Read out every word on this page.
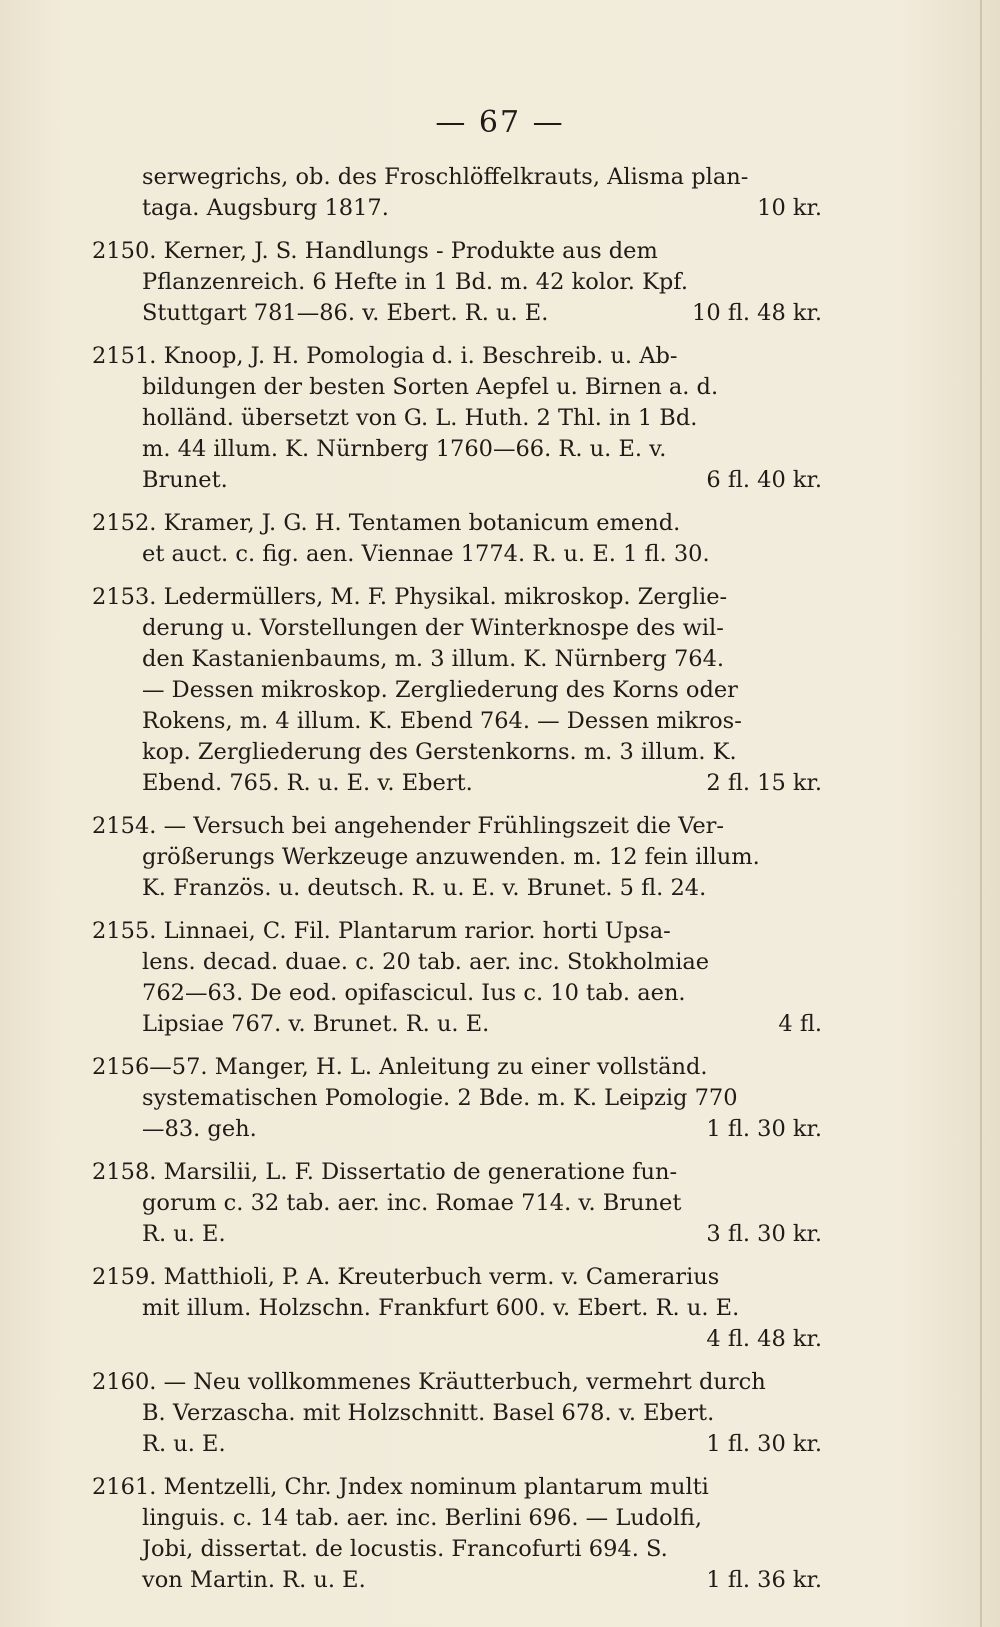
— 67 —
serwegrichs, ob. des Froschlöffelkrauts, Alisma plan-
taga. Augsburg 1817.	10 kr.
2150. Kerner, J. S. Handlungs - Produkte aus dem
Pflanzenreich. 6 Hefte in 1 Bd. m. 42 kolor. Kpf.
Stuttgart 781—86. v. Ebert. R. u. E.	10 fl. 48 kr.
2151. Knoop, J. H. Pomologia d. i. Beschreib. u. Ab-
bildungen der besten Sorten Aepfel u. Birnen a. d.
holländ. übersetzt von G. L. Huth. 2 Thl. in 1 Bd.
m. 44 illum. K. Nürnberg 1760—66. R. u. E. v.
Brunet.	6 fl. 40 kr.
2152. Kramer, J. G. H. Tentamen botanicum emend.
et auct. c. fig. aen. Viennae 1774. R. u. E. 1 fl. 30.
2153. Ledermüllers, M. F. Physikal. mikroskop. Zerglie-
derung u. Vorstellungen der Winterknospe des wil-
den Kastanienbaums, m. 3 illum. K. Nürnberg 764.
— Dessen mikroskop. Zergliederung des Korns oder
Rokens, m. 4 illum. K. Ebend 764. — Dessen mikros-
kop. Zergliederung des Gerstenkorns. m. 3 illum. K.
Ebend. 765. R. u. E. v. Ebert.	2 fl. 15 kr.
2154. — Versuch bei angehender Frühlingszeit die Ver-
größerungs Werkzeuge anzuwenden. m. 12 fein illum.
K. Französ. u. deutsch. R. u. E. v. Brunet. 5 fl. 24.
2155. Linnaei, C. Fil. Plantarum rarior. horti Upsa-
lens. decad. duae. c. 20 tab. aer. inc. Stokholmiae
762—63. De eod. opifascicul. Ius c. 10 tab. aen.
Lipsiae 767. v. Brunet. R. u. E.	4 fl.
2156—57. Manger, H. L. Anleitung zu einer vollständ.
systematischen Pomologie. 2 Bde. m. K. Leipzig 770
—83. geh.	1 fl. 30 kr.
2158. Marsilii, L. F. Dissertatio de generatione fun-
gorum c. 32 tab. aer. inc. Romae 714. v. Brunet
R. u. E.	3 fl. 30 kr.
2159. Matthioli, P. A. Kreuterbuch verm. v. Camerarius
mit illum. Holzschn. Frankfurt 600. v. Ebert. R. u. E.
4 fl. 48 kr.
2160. — Neu vollkommenes Kräutterbuch, vermehrt durch
B. Verzascha. mit Holzschnitt. Basel 678. v. Ebert.
R. u. E.	1 fl. 30 kr.
2161. Mentzelli, Chr. Jndex nominum plantarum multi
linguis. c. 14 tab. aer. inc. Berlini 696. — Ludolfi,
Jobi, dissertat. de locustis. Francofurti 694. S.
von Martin. R. u. E.	1 fl. 36 kr.
